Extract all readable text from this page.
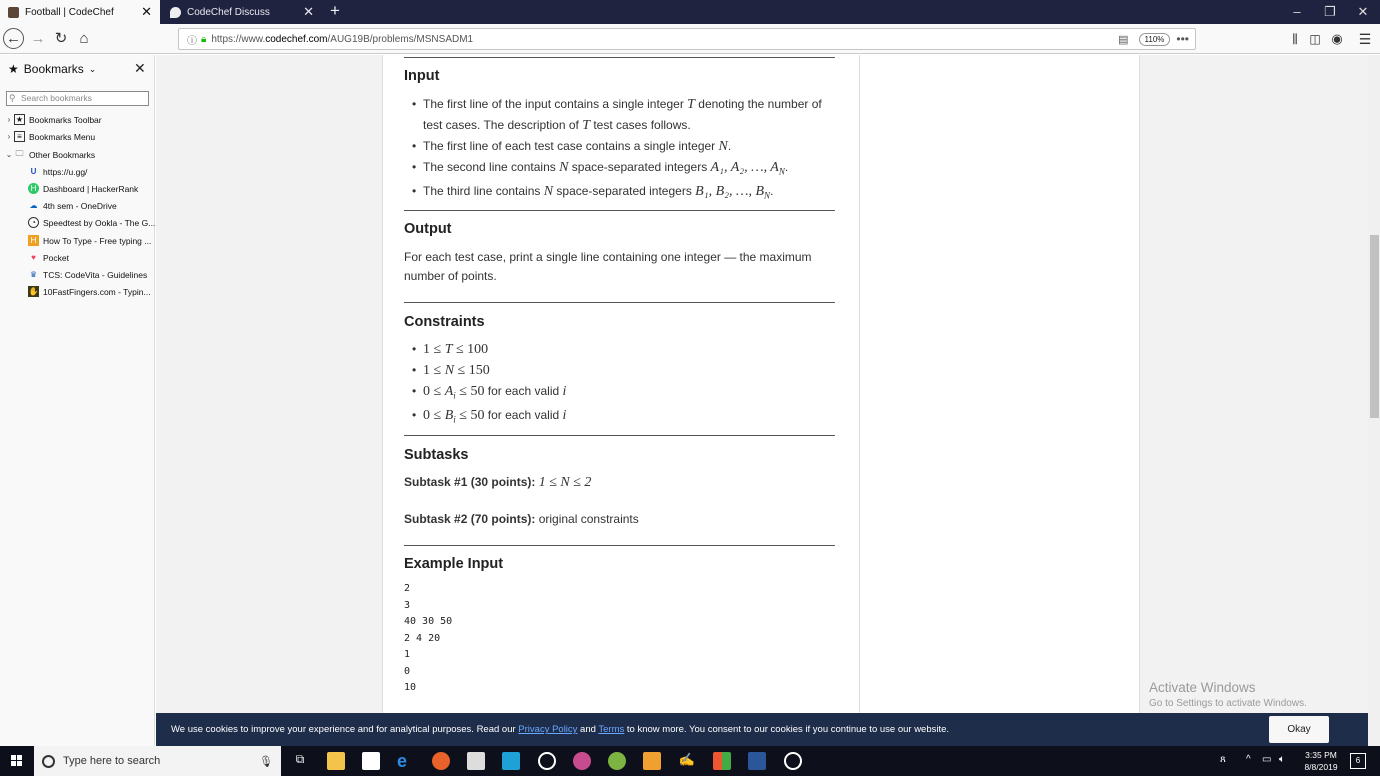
Football | CodeChef ✕	CodeChef Discuss	✕ +	–	❐	✕
← → ↻ ⌂	ⓘ 🔒︎ https://www.codechef.com/AUG19B/problems/MSNSADM1	▤	110%	•••	⫼ ◫ ◉	☰
★ Bookmarks ⌄	✕
⚲ Search bookmarks
› ★ Bookmarks Toolbar
› ≡ Bookmarks Menu
⌄ 🗀 Other Bookmarks
U https://u.gg/
H Dashboard | HackerRank
☁ 4th sem - OneDrive
◔ Speedtest by Ookla - The G...
H How To Type - Free typing ...
♥ Pocket
♛ TCS: CodeVita - Guidelines
✋ 10FastFingers.com - Typin...
Input
• The first line of the input contains a single integer T denoting the number of test cases. The description of T test cases follows.
• The first line of each test case contains a single integer N.
• The second line contains N space-separated integers A₁, A₂, …, $A_N$.
• The third line contains N space-separated integers B₁, B₂, …, $B_N$.
Output

For each test case, print a single line containing one integer — the maximum number of points.

Constraints
• 1 ≤ T ≤ 100
• 1 ≤ N ≤ 150
• $0 \le A_i \le 50$ for each valid i
• $0 \le B_i \le 50$ for each valid i
Subtasks

Subtask #1 (30 points): 1 ≤ N ≤ 2

Subtask #2 (70 points): original constraints

Example Input
2
3
40 30 50
2 4 20
1
0
10	Activate Windows
Go to Settings to activate Windows.
We use cookies to improve your experience and for analytical purposes. Read our Privacy Policy and Terms to know more. You consent to our cookies if you continue to use our website.	Okay
Type here to search	🎙︎	⧉	e	✍	ጸ ^ ▭ 🔈︎	3:35 PM
8/8/2019
6
